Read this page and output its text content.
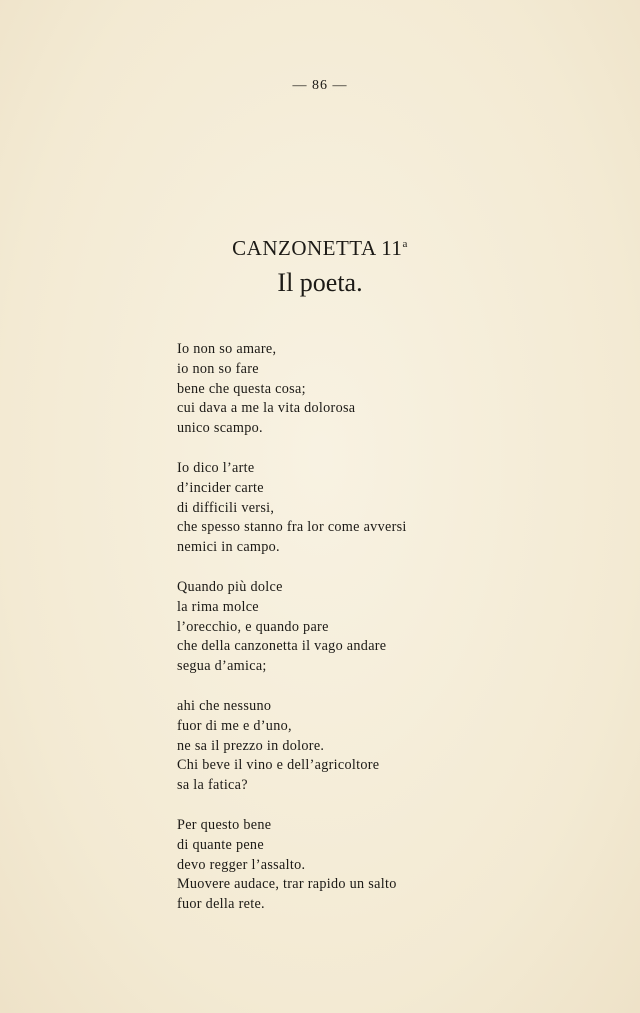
— 86 —
CANZONETTA 11$^a$
Il poeta.
Io non so amare,
io non so fare
bene che questa cosa;
cui dava a me la vita dolorosa
unico scampo.
Io dico l’arte
d’incider carte
di difficili versi,
che spesso stanno fra lor come avversi
nemici in campo.
Quando più dolce
la rima molce
l’orecchio, e quando pare
che della canzonetta il vago andare
segua d’amica;
ahi che nessuno
fuor di me e d’uno,
ne sa il prezzo in dolore.
Chi beve il vino e dell’agricoltore
sa la fatica?
Per questo bene
di quante pene
devo regger l’assalto.
Muovere audace, trar rapido un salto
fuor della rete.
